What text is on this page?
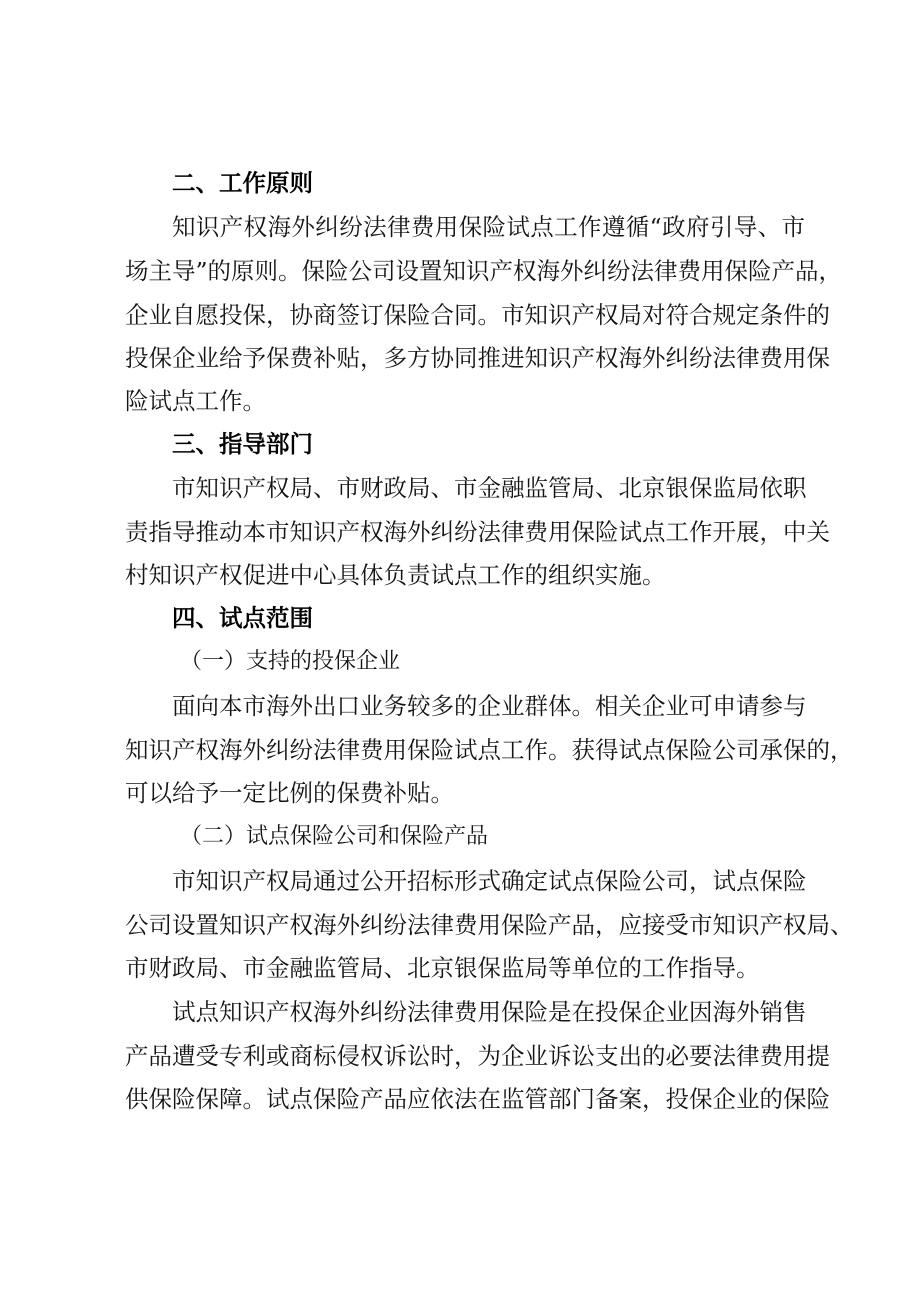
二、工作原则
知识产权海外纠纷法律费用保险试点工作遵循“政府引导、市
场主导”的原则。保险公司设置知识产权海外纠纷法律费用保险产品，
企业自愿投保，协商签订保险合同。市知识产权局对符合规定条件的
投保企业给予保费补贴，多方协同推进知识产权海外纠纷法律费用保
险试点工作。
三、指导部门
市知识产权局、市财政局、市金融监管局、北京银保监局依职
责指导推动本市知识产权海外纠纷法律费用保险试点工作开展，中关
村知识产权促进中心具体负责试点工作的组织实施。
四、试点范围
（一）支持的投保企业
面向本市海外出口业务较多的企业群体。相关企业可申请参与
知识产权海外纠纷法律费用保险试点工作。获得试点保险公司承保的，
可以给予一定比例的保费补贴。
（二）试点保险公司和保险产品
市知识产权局通过公开招标形式确定试点保险公司，试点保险
公司设置知识产权海外纠纷法律费用保险产品，应接受市知识产权局、
市财政局、市金融监管局、北京银保监局等单位的工作指导。
试点知识产权海外纠纷法律费用保险是在投保企业因海外销售
产品遭受专利或商标侵权诉讼时，为企业诉讼支出的必要法律费用提
供保险保障。试点保险产品应依法在监管部门备案，投保企业的保险
